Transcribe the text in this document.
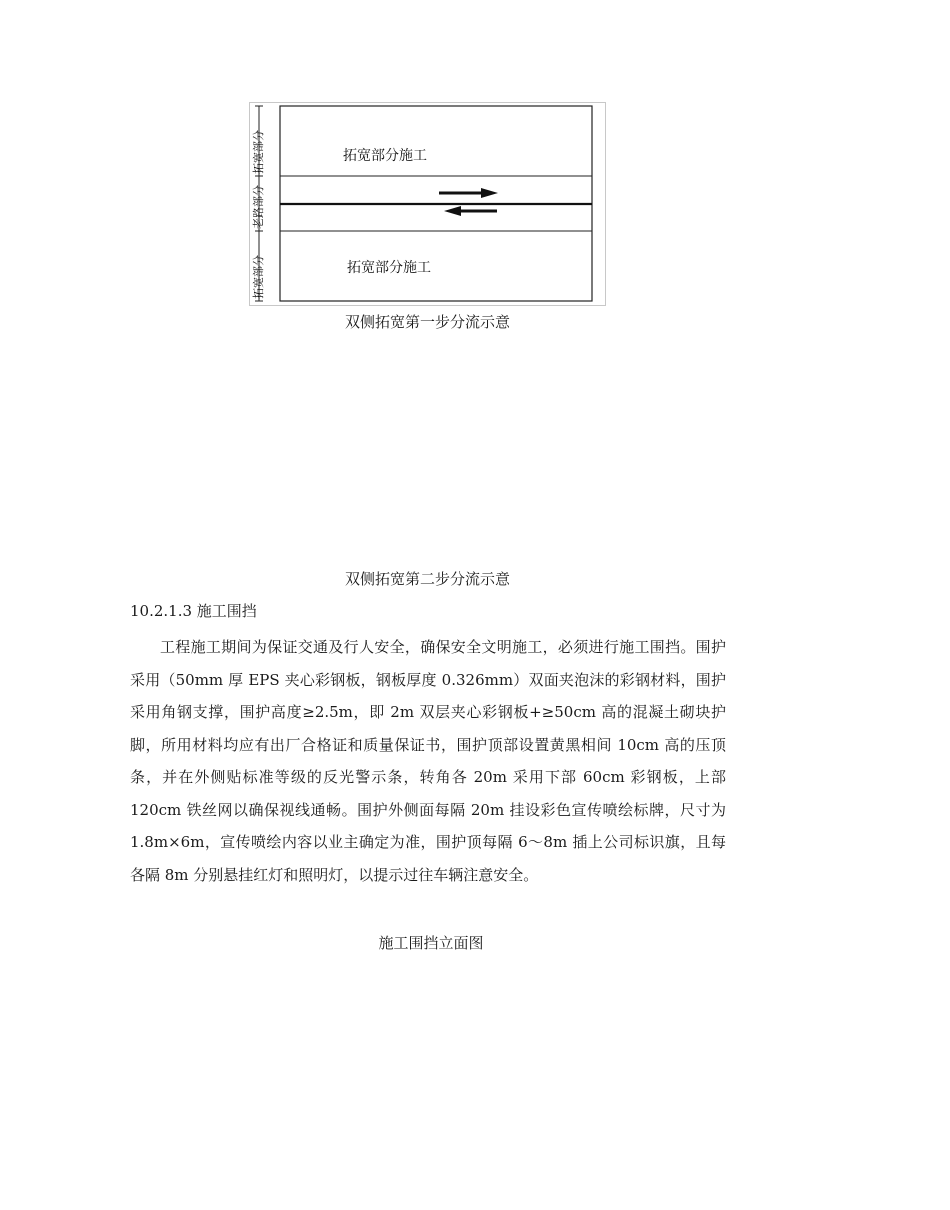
拓宽部分施工
拓宽部分施工
拓宽部分
老路部分
拓宽部分
双侧拓宽第一步分流示意
双侧拓宽第二步分流示意
10.2.1.3 施工围挡

工程施工期间为保证交通及行人安全，确保安全文明施工，必须进行施工围挡。围护采用（50mm 厚 EPS 夹心彩钢板，钢板厚度 0.326mm）双面夹泡沫的彩钢材料，围护采用角钢支撑，围护高度≥2.5m，即 2m 双层夹心彩钢板+≥50cm 高的混凝土砌块护脚，所用材料均应有出厂合格证和质量保证书，围护顶部设置黄黑相间 10cm 高的压顶条，并在外侧贴标准等级的反光警示条，转角各 20m 采用下部 60cm 彩钢板，上部 120cm 铁丝网以确保视线通畅。围护外侧面每隔 20m 挂设彩色宣传喷绘标牌，尺寸为 1.8m×6m，宣传喷绘内容以业主确定为准，围护顶每隔 6～8m 插上公司标识旗，且每各隔 8m 分别悬挂红灯和照明灯，以提示过往车辆注意安全。

施工围挡立面图
